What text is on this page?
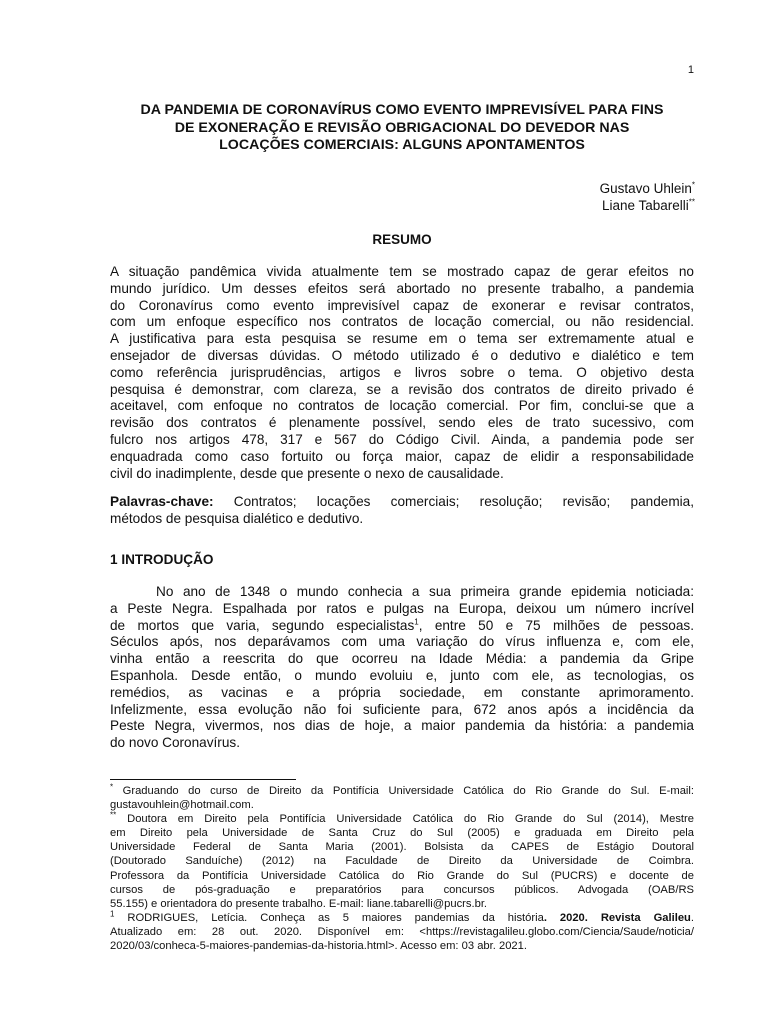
1
DA PANDEMIA DE CORONAVÍRUS COMO EVENTO IMPREVISÍVEL PARA FINS
DE EXONERAÇÃO E REVISÃO OBRIGACIONAL DO DEVEDOR NAS
LOCAÇÕES COMERCIAIS: ALGUNS APONTAMENTOS
Gustavo Uhlein*
Liane Tabarelli**
RESUMO
A situação pandêmica vivida atualmente tem se mostrado capaz de gerar efeitos no
mundo jurídico. Um desses efeitos será abortado no presente trabalho, a pandemia
do Coronavírus como evento imprevisível capaz de exonerar e revisar contratos,
com um enfoque específico nos contratos de locação comercial, ou não residencial.
A justificativa para esta pesquisa se resume em o tema ser extremamente atual e
ensejador de diversas dúvidas. O método utilizado é o dedutivo e dialético e tem
como referência jurisprudências, artigos e livros sobre o tema. O objetivo desta
pesquisa é demonstrar, com clareza, se a revisão dos contratos de direito privado é
aceitavel, com enfoque no contratos de locação comercial. Por fim, conclui-se que a
revisão dos contratos é plenamente possível, sendo eles de trato sucessivo, com
fulcro nos artigos 478, 317 e 567 do Código Civil. Ainda, a pandemia pode ser
enquadrada como caso fortuito ou força maior, capaz de elidir a responsabilidade
civil do inadimplente, desde que presente o nexo de causalidade.
Palavras-chave: Contratos; locações comerciais; resolução; revisão; pandemia,
métodos de pesquisa dialético e dedutivo.
1 INTRODUÇÃO
No ano de 1348 o mundo conhecia a sua primeira grande epidemia noticiada:
a Peste Negra. Espalhada por ratos e pulgas na Europa, deixou um número incrível
de mortos que varia, segundo especialistas$^1$, entre 50 e 75 milhões de pessoas.
Séculos após, nos deparávamos com uma variação do vírus influenza e, com ele,
vinha então a reescrita do que ocorreu na Idade Média: a pandemia da Gripe
Espanhola. Desde então, o mundo evoluiu e, junto com ele, as tecnologias, os
remédios, as vacinas e a própria sociedade, em constante aprimoramento.
Infelizmente, essa evolução não foi suficiente para, 672 anos após a incidência da
Peste Negra, vivermos, nos dias de hoje, a maior pandemia da história: a pandemia
do novo Coronavírus.
* Graduando do curso de Direito da Pontifícia Universidade Católica do Rio Grande do Sul. E-mail:
gustavouhlein@hotmail.com.
** Doutora em Direito pela Pontifícia Universidade Católica do Rio Grande do Sul (2014), Mestre
em Direito pela Universidade de Santa Cruz do Sul (2005) e graduada em Direito pela
Universidade Federal de Santa Maria (2001). Bolsista da CAPES de Estágio Doutoral
(Doutorado Sanduíche) (2012) na Faculdade de Direito da Universidade de Coimbra.
Professora da Pontifícia Universidade Católica do Rio Grande do Sul (PUCRS) e docente de
cursos de pós-graduação e preparatórios para concursos públicos. Advogada (OAB/RS
55.155) e orientadora do presente trabalho. E-mail: liane.tabarelli@pucrs.br.
$^1$ RODRIGUES, Letícia. Conheça as 5 maiores pandemias da história. 2020. Revista Galileu.
Atualizado em: 28 out. 2020. Disponível em: <https://revistagalileu.globo.com/Ciencia/Saude/noticia/
2020/03/conheca-5-maiores-pandemias-da-historia.html>. Acesso em: 03 abr. 2021.
